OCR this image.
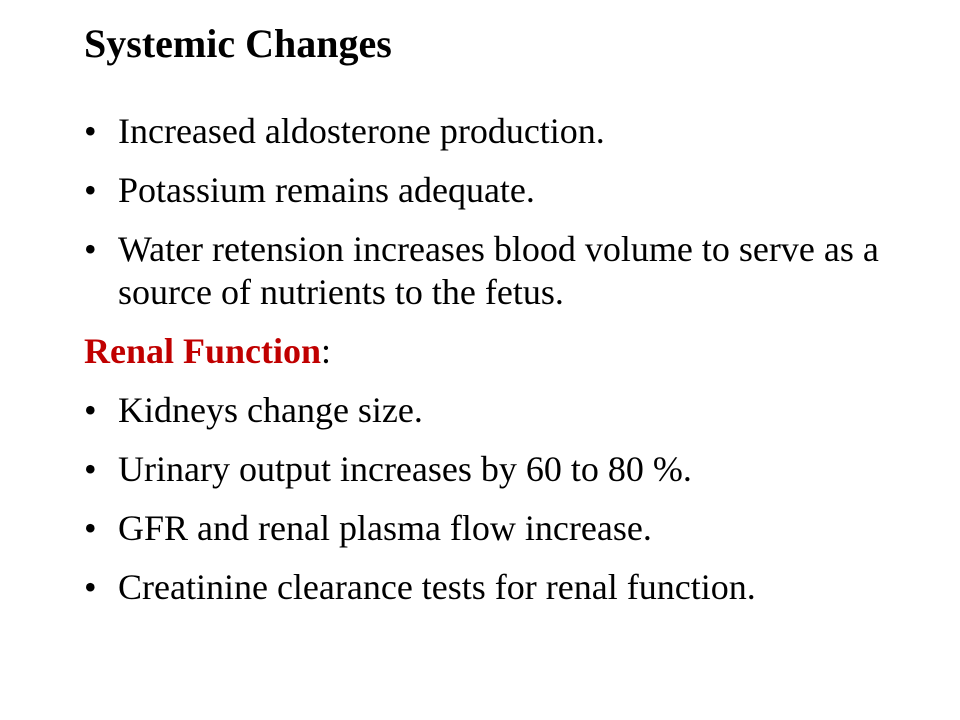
Systemic Changes
• Increased aldosterone production.
• Potassium remains adequate.
• Water retension increases blood volume to serve as a source of nutrients to the fetus.
Renal Function:
• Kidneys change size.
• Urinary output increases by 60 to 80 %.
• GFR and renal plasma flow increase.
• Creatinine clearance tests for renal function.
